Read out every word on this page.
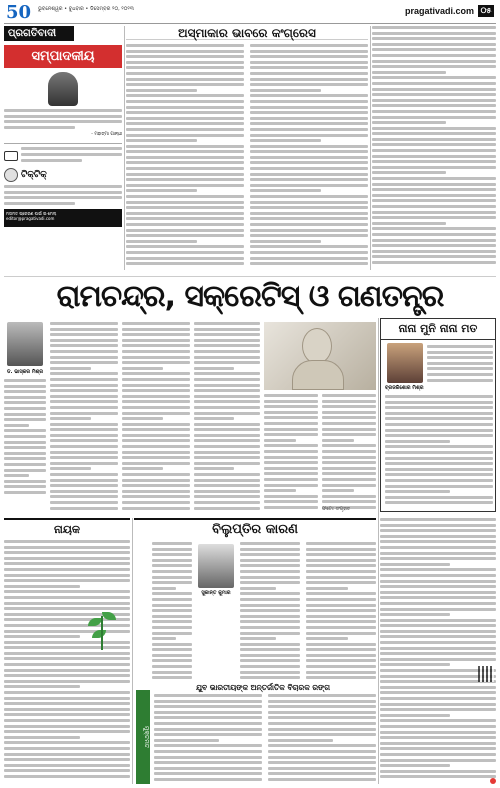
50 ଭୁବନେଶ୍ୱର • ବୁଧବାର • ଡିସେମ୍ବର ୨୦, ୨୦୨୩	pragativadi.com ୦୫
ପ୍ରଗତିବାଦୀ
ସମ୍ପାଦକୀୟ
- ମହାତ୍ମା ଗାନ୍ଧୀ
ଟିକ୍ଟିକ୍
ମତାମତ ପ୍ରେରଣ ପାଇଁ ଇ-ମେଲ୍
editor@pragativadi.com
ଅସ୍ମାକାର ଭାବରେ କଂଗ୍ରେସ
ରାମଚନ୍ଦ୍ର, ସକ୍ରେଟିସ୍ ଓ ଗଣତନ୍ତ୍ର
ଡ. ଭାସ୍କର ମିଶ୍ର
ଫଟୋ: ସଂଗୃହୀତ
ନାନା ମୁନି ନାନା ମତ
ବ୍ରଜକିଶୋର ମିଶ୍ର
ନାୟକ	ବିଲୁପ୍ତିର କାରଣ
ସୁକାନ୍ତ କୁମାର
ମୁକ୍ତମତ
ଯୁବ ଭାରତୀୟଙ୍କ ଅନ୍ତର୍ଜାତିକ ବିଚାରକ ରଙ୍ଗ
